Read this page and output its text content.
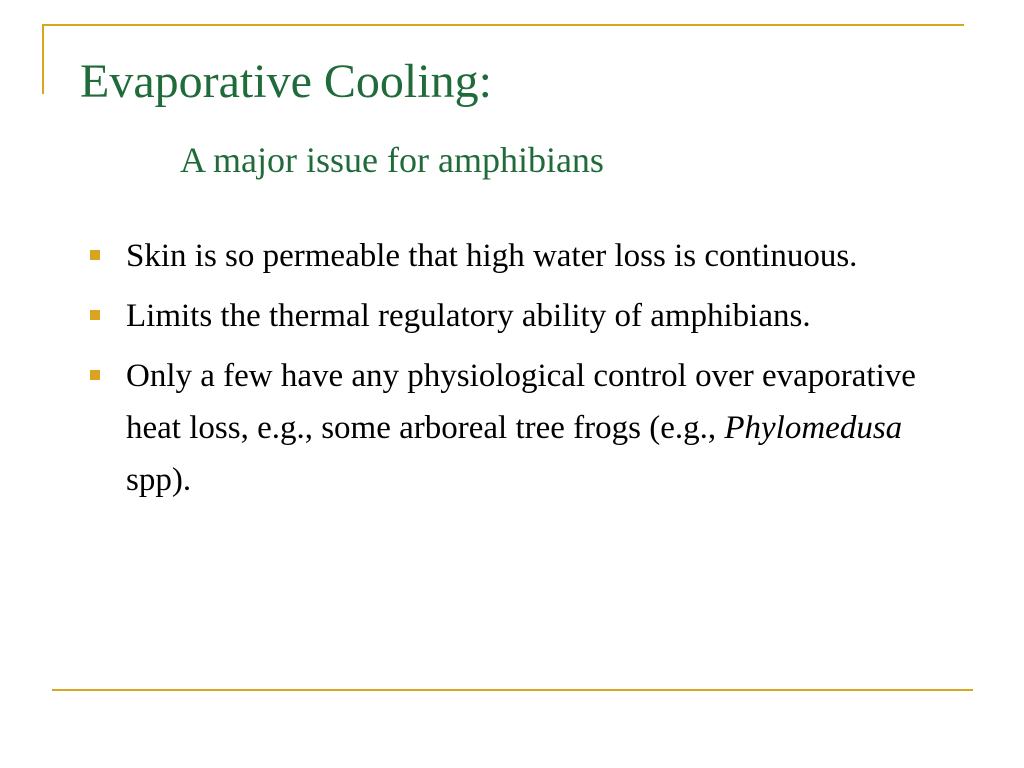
Evaporative Cooling:
A major issue for amphibians
Skin is so permeable that high water loss is continuous.
Limits the thermal regulatory ability of amphibians.
Only a few have any physiological control over evaporative heat loss, e.g., some arboreal tree frogs (e.g., Phylomedusa spp).
